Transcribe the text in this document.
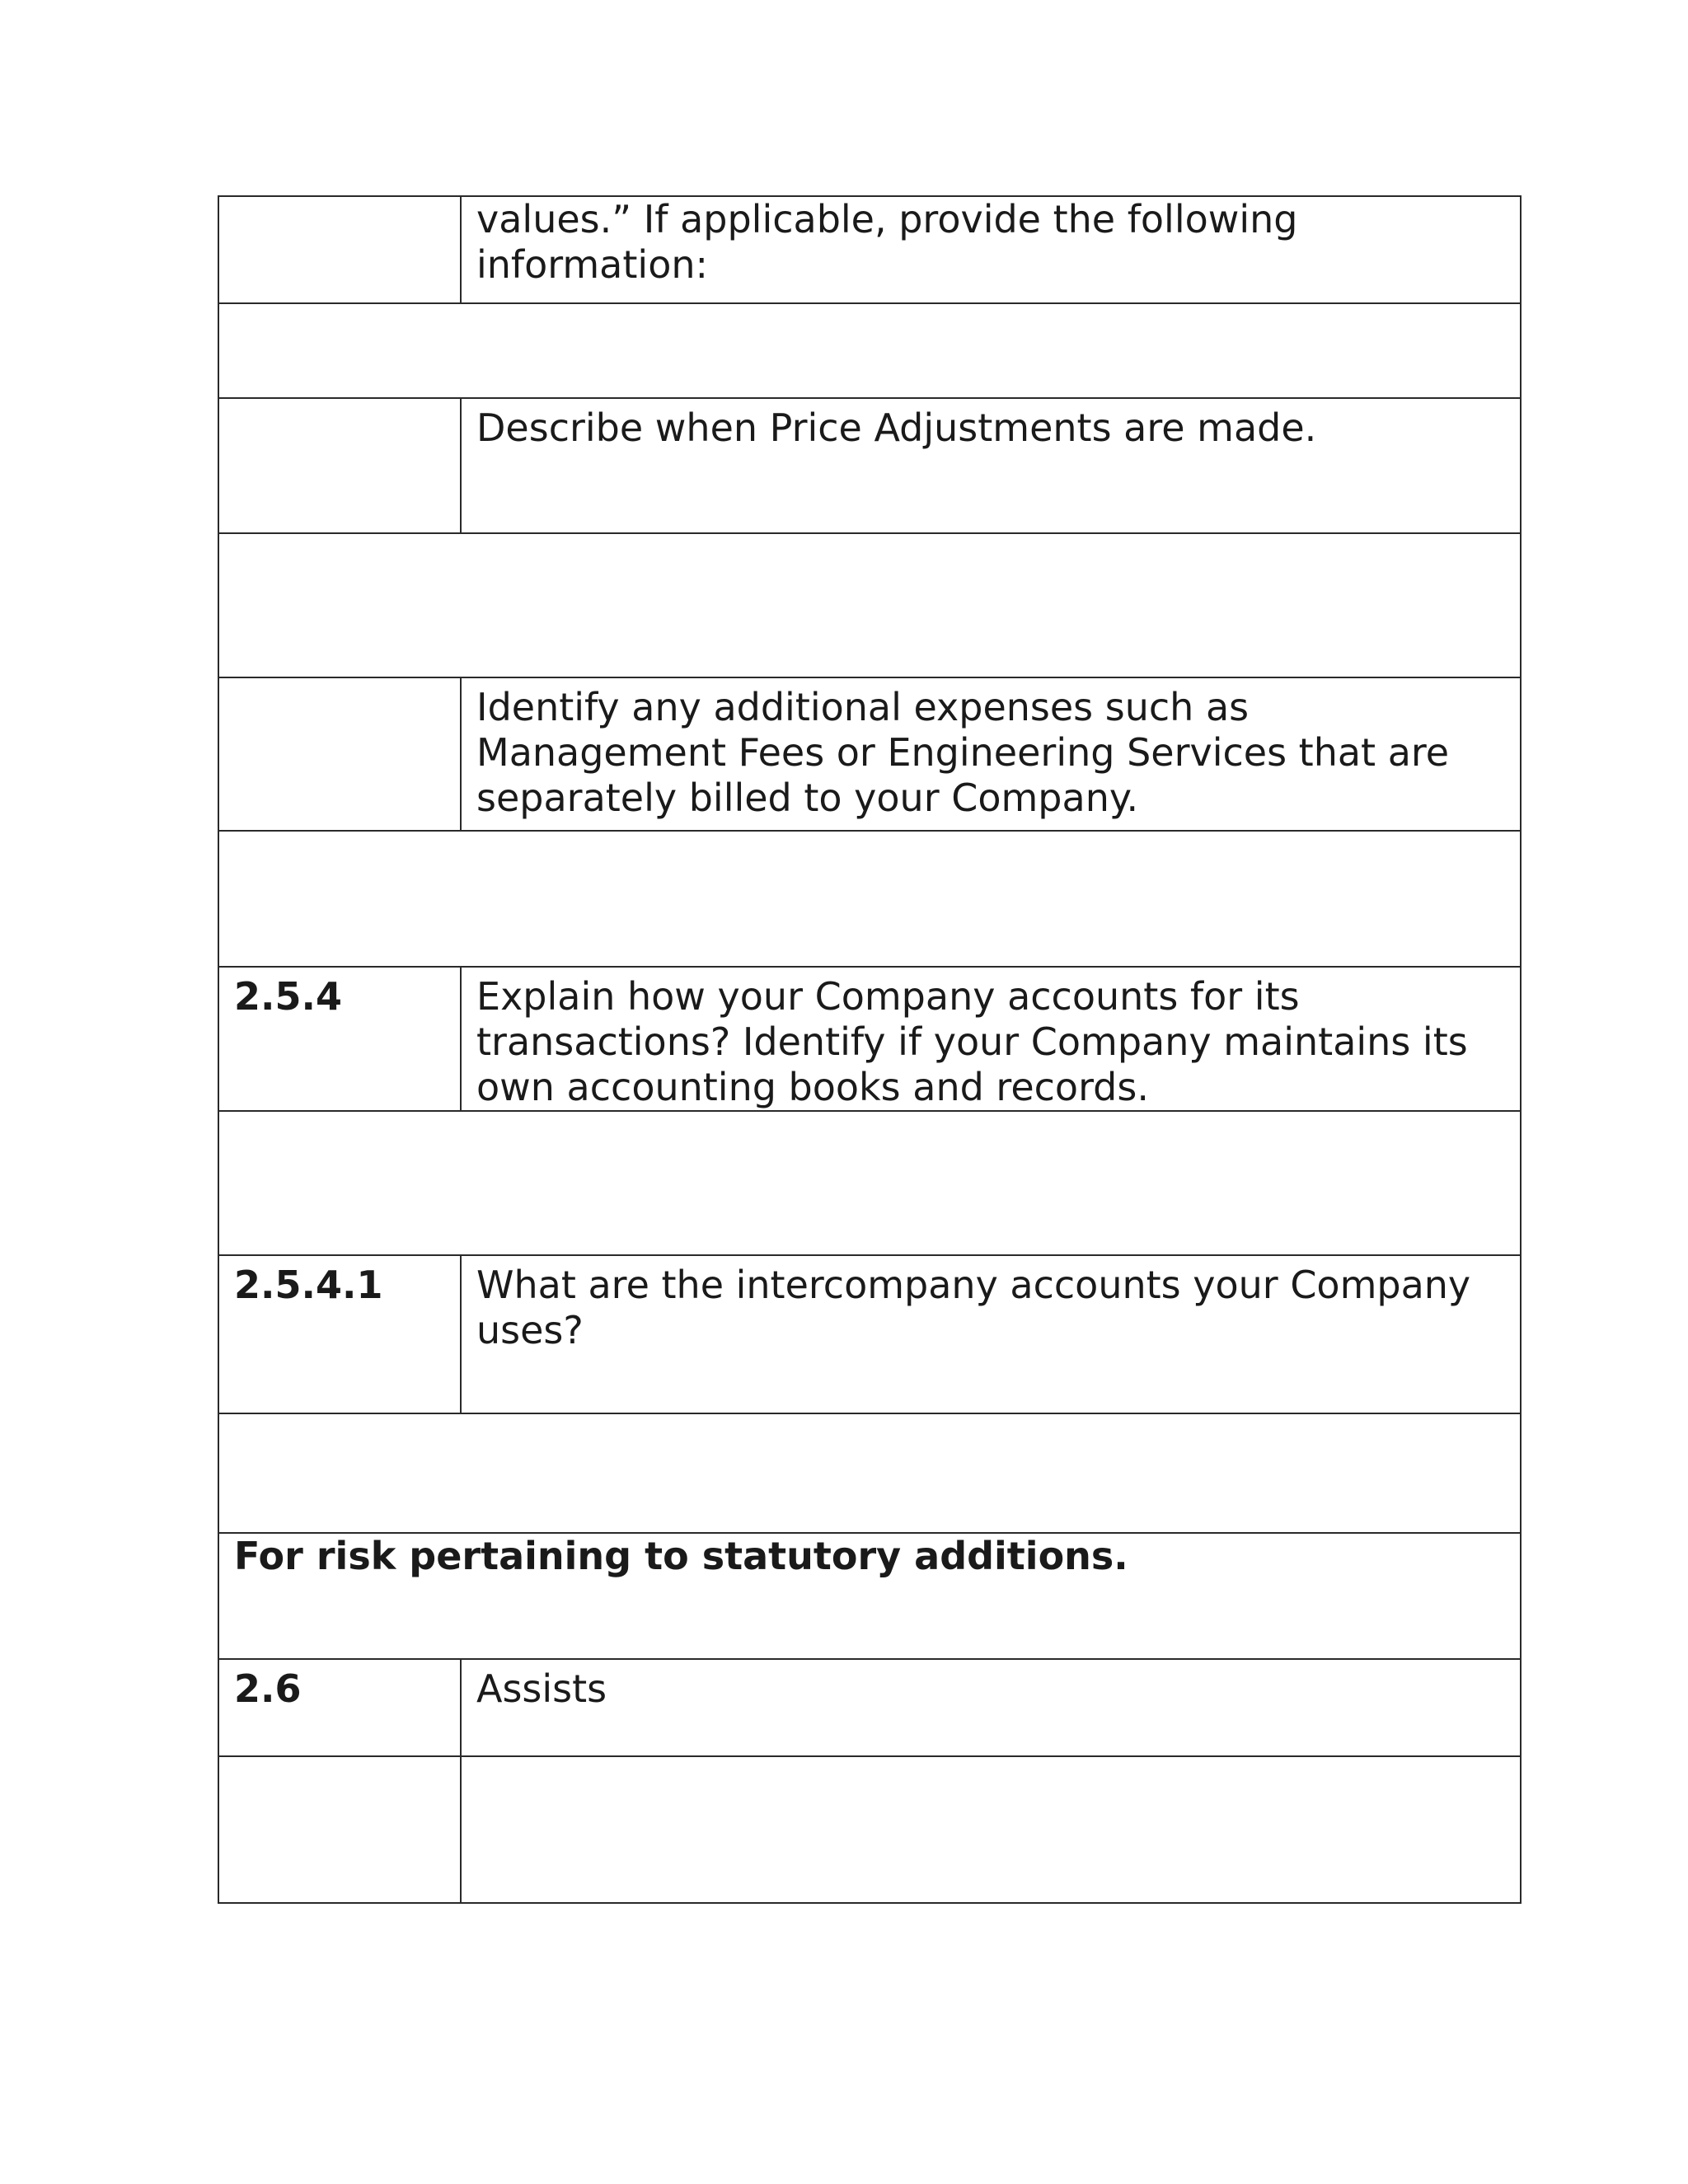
	values.” If applicable, provide the following information:

	Describe when Price Adjustments are made.

	Identify any additional expenses such as Management Fees or Engineering Services that are separately billed to your Company.

2.5.4	Explain how your Company accounts for its transactions? Identify if your Company maintains its own accounting books and records.

2.5.4.1	What are the intercompany accounts your Company uses?

For risk pertaining to statutory additions.	
2.6	Assists
